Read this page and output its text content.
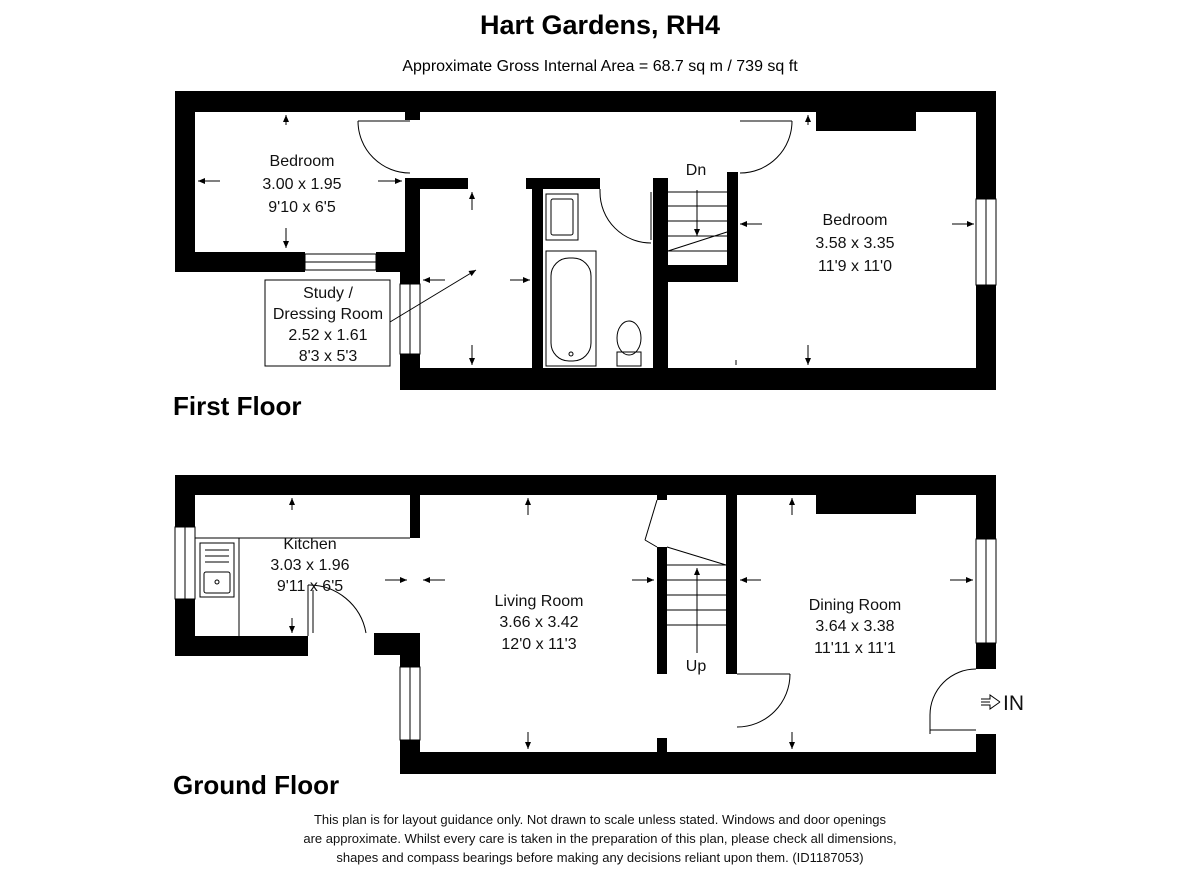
Hart Gardens, RH4
Approximate Gross Internal Area = 68.7 sq m / 739 sq ft
Dn
Bedroom
3.00 x 1.95
9'10 x 6'5
Bedroom
3.58 x 3.35
11'9 x 11'0
Study /
Dressing Room
2.52 x 1.61
8'3 x 5'3
First Floor
Up
IN
Kitchen
3.03 x 1.96
9'11 x 6'5
Living Room
3.66 x 3.42
12'0 x 11'3
Dining Room
3.64 x 3.38
11'11 x 11'1
Ground Floor
This plan is for layout guidance only. Not drawn to scale unless stated. Windows and door openings
are approximate. Whilst every care is taken in the preparation of this plan, please check all dimensions,
shapes and compass bearings before making any decisions reliant upon them. (ID1187053)
